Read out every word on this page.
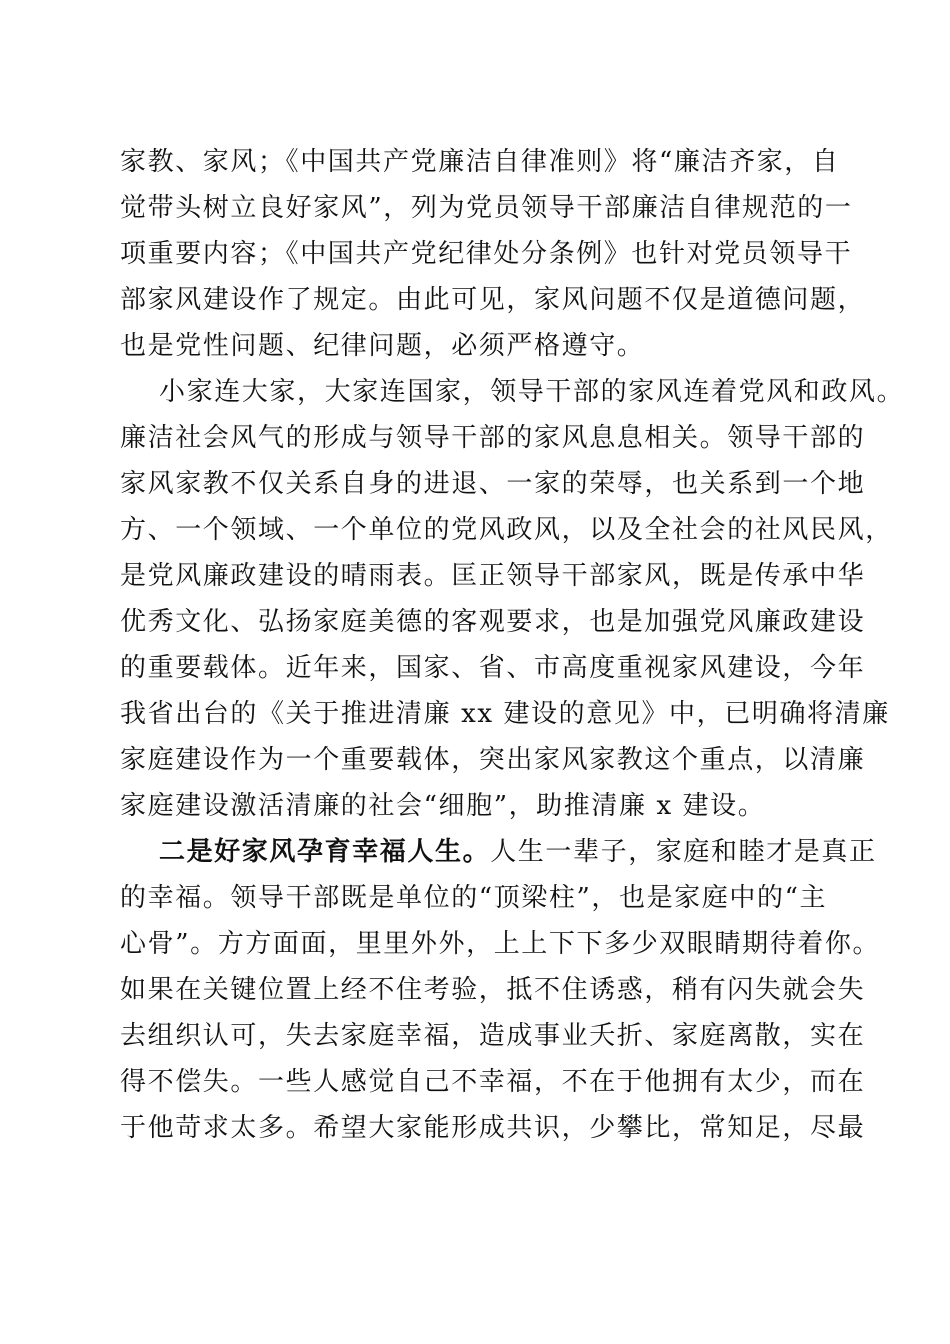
家教、家风；《中国共产党廉洁自律准则》将“廉洁齐家，自
觉带头树立良好家风”，列为党员领导干部廉洁自律规范的一
项重要内容；《中国共产党纪律处分条例》也针对党员领导干
部家风建设作了规定。由此可见，家风问题不仅是道德问题，
也是党性问题、纪律问题，必须严格遵守。
小家连大家，大家连国家，领导干部的家风连着党风和政风。
廉洁社会风气的形成与领导干部的家风息息相关。领导干部的
家风家教不仅关系自身的进退、一家的荣辱，也关系到一个地
方、一个领域、一个单位的党风政风，以及全社会的社风民风，
是党风廉政建设的晴雨表。匡正领导干部家风，既是传承中华
优秀文化、弘扬家庭美德的客观要求，也是加强党风廉政建设
的重要载体。近年来，国家、省、市高度重视家风建设，今年
我省出台的《关于推进清廉 xx 建设的意见》中，已明确将清廉
家庭建设作为一个重要载体，突出家风家教这个重点，以清廉
家庭建设激活清廉的社会“细胞”，助推清廉 x 建设。
二是好家风孕育幸福人生。人生一辈子，家庭和睦才是真正
的幸福。领导干部既是单位的“顶梁柱”，也是家庭中的“主
心骨”。方方面面，里里外外，上上下下多少双眼睛期待着你。
如果在关键位置上经不住考验，抵不住诱惑，稍有闪失就会失
去组织认可，失去家庭幸福，造成事业夭折、家庭离散，实在
得不偿失。一些人感觉自己不幸福，不在于他拥有太少，而在
于他苛求太多。希望大家能形成共识，少攀比，常知足，尽最
